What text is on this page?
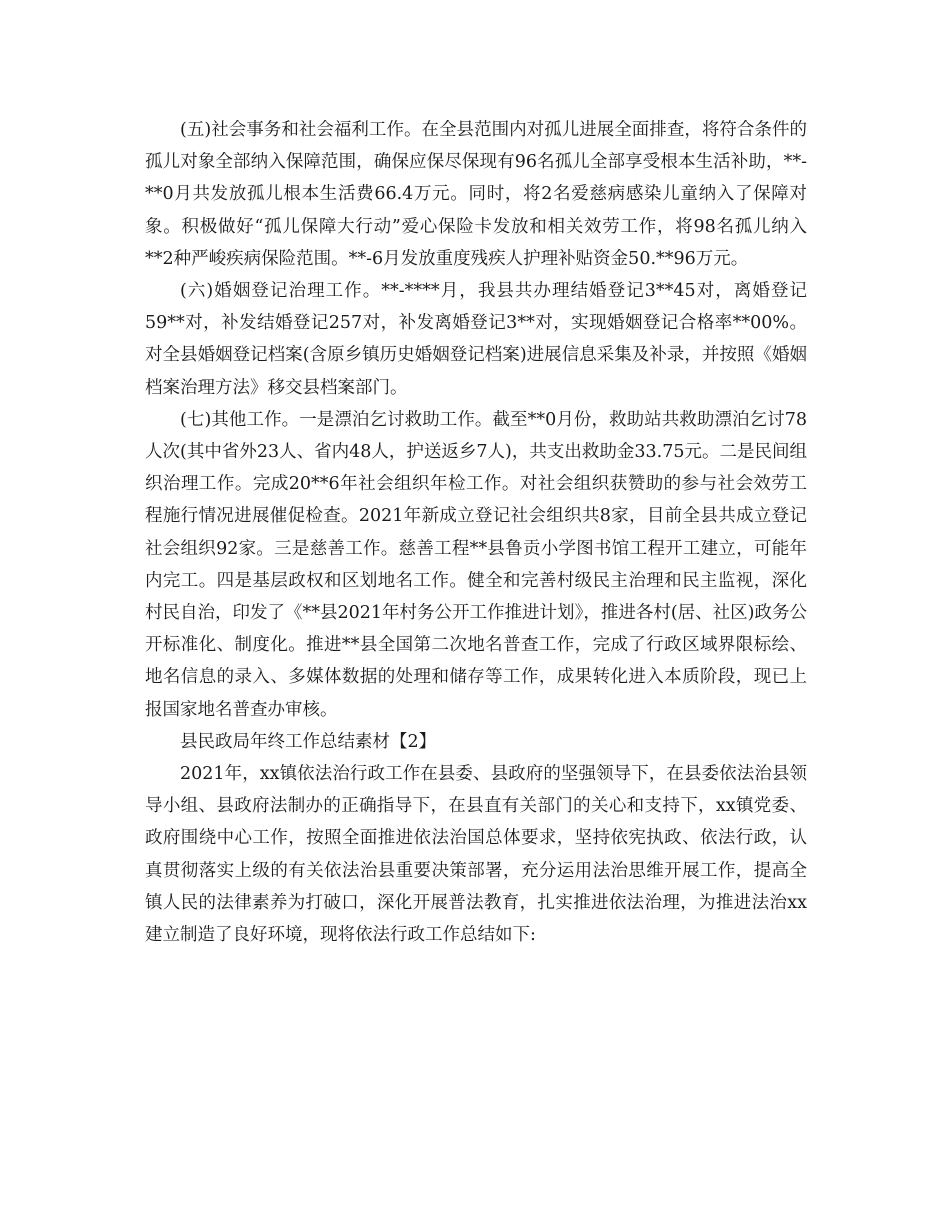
(五)社会事务和社会福利工作。在全县范围内对孤儿进展全面排查，将符合条件的孤儿对象全部纳入保障范围，确保应保尽保现有96名孤儿全部享受根本生活补助，**-**0月共发放孤儿根本生活费66.4万元。同时，将2名爱慈病感染儿童纳入了保障对象。积极做好“孤儿保障大行动”爱心保险卡发放和相关效劳工作，将98名孤儿纳入**2种严峻疾病保险范围。**-6月发放重度残疾人护理补贴资金50.**96万元。

(六)婚姻登记治理工作。**-****月，我县共办理结婚登记3**45对，离婚登记59**对，补发结婚登记257对，补发离婚登记3**对，实现婚姻登记合格率**00%。对全县婚姻登记档案(含原乡镇历史婚姻登记档案)进展信息采集及补录，并按照《婚姻档案治理方法》移交县档案部门。

(七)其他工作。一是漂泊乞讨救助工作。截至**0月份，救助站共救助漂泊乞讨78人次(其中省外23人、省内48人，护送返乡7人)，共支出救助金33.75元。二是民间组织治理工作。完成20**6年社会组织年检工作。对社会组织获赞助的参与社会效劳工程施行情况进展催促检查。2021年新成立登记社会组织共8家，目前全县共成立登记社会组织92家。三是慈善工作。慈善工程**县鲁贡小学图书馆工程开工建立，可能年内完工。四是基层政权和区划地名工作。健全和完善村级民主治理和民主监视，深化村民自治，印发了《**县2021年村务公开工作推进计划》，推进各村(居、社区)政务公开标准化、制度化。推进**县全国第二次地名普查工作，完成了行政区域界限标绘、地名信息的录入、多媒体数据的处理和储存等工作，成果转化进入本质阶段，现已上报国家地名普查办审核。

县民政局年终工作总结素材【2】

2021年，xx镇依法治行政工作在县委、县政府的坚强领导下，在县委依法治县领导小组、县政府法制办的正确指导下，在县直有关部门的关心和支持下，xx镇党委、政府围绕中心工作，按照全面推进依法治国总体要求，坚持依宪执政、依法行政，认真贯彻落实上级的有关依法治县重要决策部署，充分运用法治思维开展工作，提高全镇人民的法律素养为打破口，深化开展普法教育，扎实推进依法治理，为推进法治xx建立制造了良好环境，现将依法行政工作总结如下:
